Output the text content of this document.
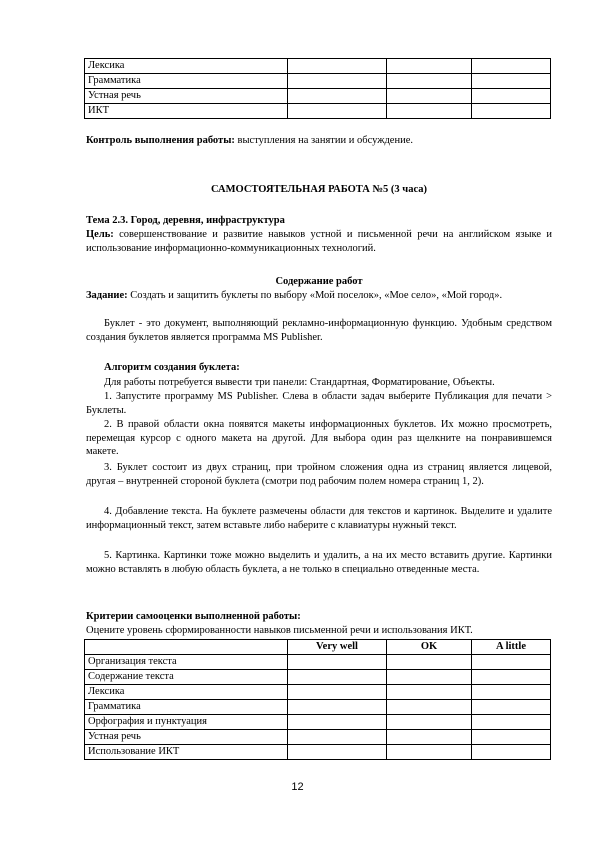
Лексика			
Грамматика			
Устная речь			
ИКТ			

Контроль выполнения работы: выступления на занятии и обсуждение.

САМОСТОЯТЕЛЬНАЯ РАБОТА №5 (3 часа)

Тема 2.3. Город, деревня, инфраструктура

Цель: совершенствование и развитие навыков устной и письменной речи на английском языке и использование информационно-коммуникационных технологий.

Содержание работ

Задание: Создать и защитить буклеты по выбору «Мой поселок», «Мое село», «Мой город».

Буклет - это документ, выполняющий рекламно-информационную функцию. Удобным средством создания буклетов является программа MS Publisher.

Алгоритм создания буклета:

Для работы потребуется вывести три панели: Стандартная, Форматирование, Объекты.

1. Запустите программу MS Publisher. Слева в области задач выберите Публикация для печати > Буклеты.

2. В правой области окна появятся макеты информационных буклетов. Их можно просмотреть, перемещая курсор с одного макета на другой. Для выбора один раз щелкните на понравившемся макете.

3. Буклет состоит из двух страниц, при тройном сложения одна из страниц является лицевой, другая – внутренней стороной буклета (смотри под рабочим полем номера страниц 1, 2).

4. Добавление текста. На буклете размечены области для текстов и картинок. Выделите и удалите информационный текст, затем вставьте либо наберите с клавиатуры нужный текст.

5. Картинка. Картинки тоже можно выделить и удалить, а на их место вставить другие. Картинки можно вставлять в любую область буклета, а не только в специально отведенные места.

Критерии самооценки выполненной работы:

Оцените уровень сформированности навыков письменной речи и использования ИКТ.

	Very well	OK	A little
Организация текста			
Содержание текста			
Лексика			
Грамматика			
Орфография и пунктуация			
Устная речь			
Использование ИКТ			
12
